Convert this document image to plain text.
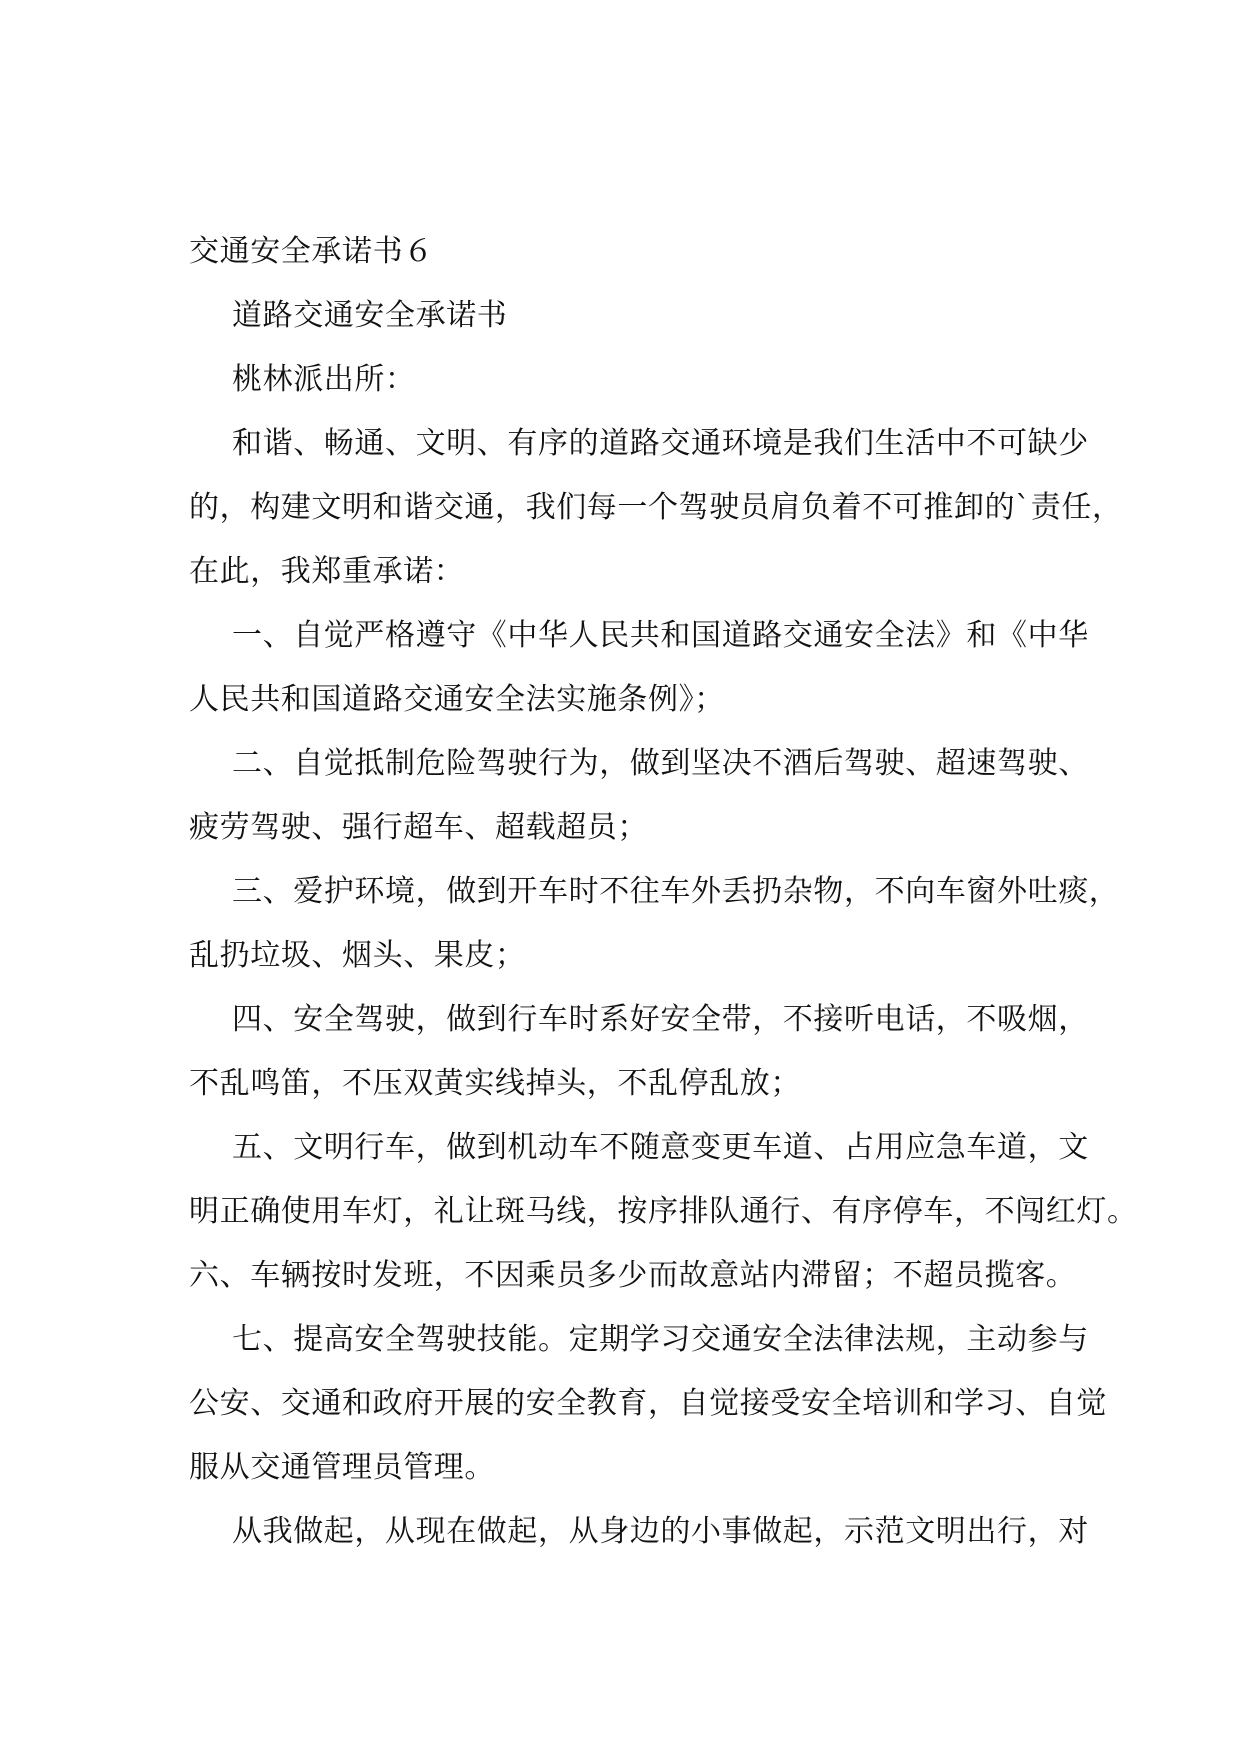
交通安全承诺书６
道路交通安全承诺书
桃林派出所：
和谐、畅通、文明、有序的道路交通环境是我们生活中不可缺少
的，构建文明和谐交通，我们每一个驾驶员肩负着不可推卸的`责任，
在此，我郑重承诺：
一、自觉严格遵守《中华人民共和国道路交通安全法》和《中华
人民共和国道路交通安全法实施条例》；
二、自觉抵制危险驾驶行为，做到坚决不酒后驾驶、超速驾驶、
疲劳驾驶、强行超车、超载超员；
三、爱护环境，做到开车时不往车外丢扔杂物，不向车窗外吐痰，
乱扔垃圾、烟头、果皮；
四、安全驾驶，做到行车时系好安全带，不接听电话，不吸烟，
不乱鸣笛，不压双黄实线掉头，不乱停乱放；
五、文明行车，做到机动车不随意变更车道、占用应急车道，文
明正确使用车灯，礼让斑马线，按序排队通行、有序停车，不闯红灯。
六、车辆按时发班，不因乘员多少而故意站内滞留；不超员揽客。
七、提高安全驾驶技能。定期学习交通安全法律法规，主动参与
公安、交通和政府开展的安全教育，自觉接受安全培训和学习、自觉
服从交通管理员管理。
从我做起，从现在做起，从身边的小事做起，示范文明出行，对
